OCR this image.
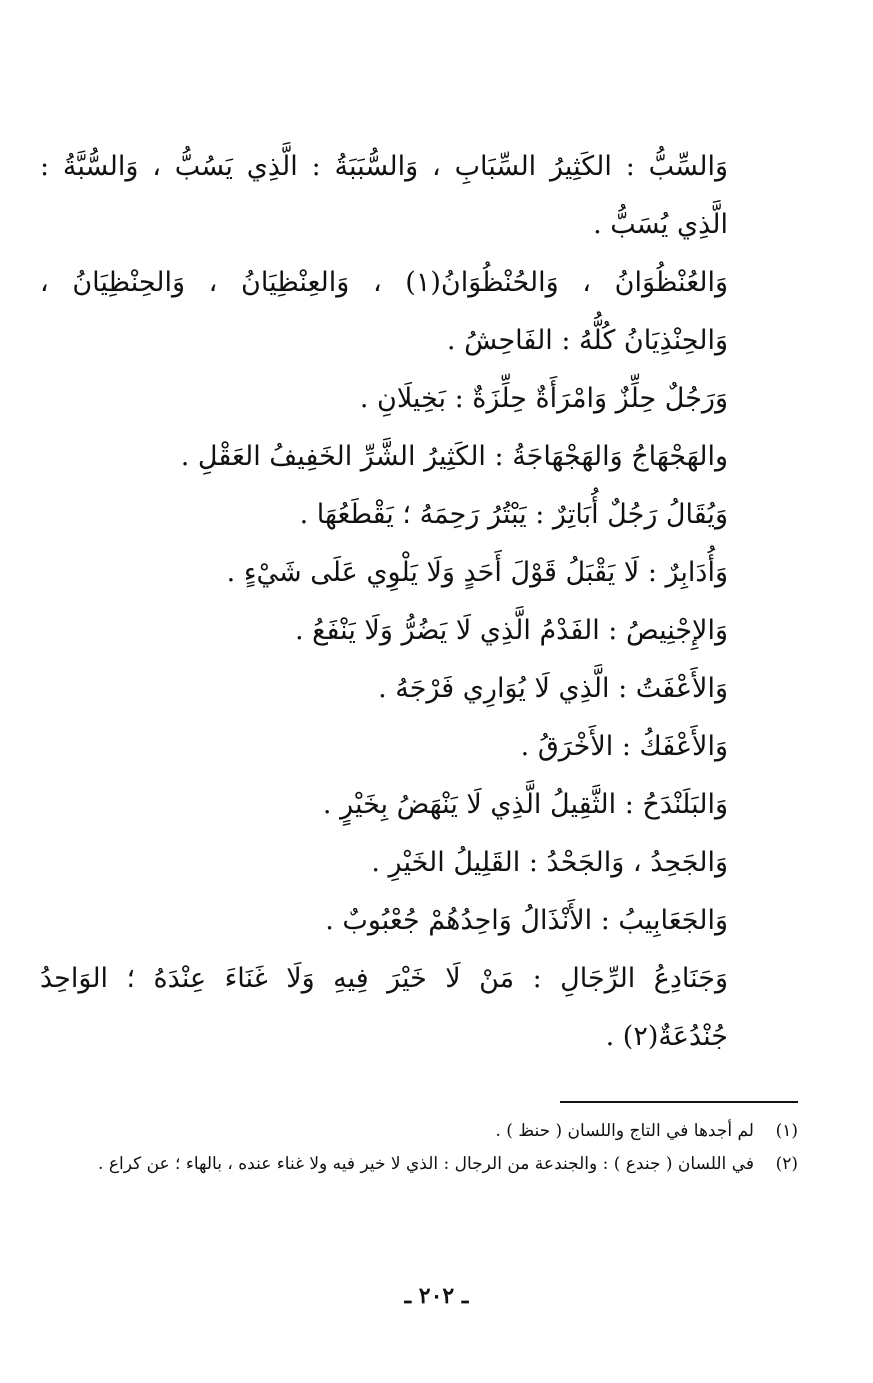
وَالسِّبُّ : الكَثِيرُ السِّبَابِ ، وَالسُّبَبَةُ : الَّذِي يَسُبُّ ، وَالسُّبَّةُ : الَّذِي يُسَبُّ .

وَالعُنْظُوَانُ ، وَالحُنْظُوَانُ(١) ، وَالعِنْظِيَانُ ، وَالحِنْظِيَانُ ، وَالحِنْذِيَانُ كُلُّهُ : الفَاحِشُ .

وَرَجُلٌ حِلِّزٌ وَامْرَأَةٌ حِلِّزَةٌ : بَخِيلَانِ .

والهَجْهَاجُ وَالهَجْهَاجَةُ : الكَثِيرُ الشَّرِّ الخَفِيفُ العَقْلِ .

وَيُقَالُ رَجُلٌ أُبَاتِرٌ : يَبْتُرُ رَحِمَهُ ؛ يَقْطَعُهَا .

وَأُدَابِرٌ : لَا يَقْبَلُ قَوْلَ أَحَدٍ وَلَا يَلْوِي عَلَى شَيْءٍ .

وَالإِجْنِيصُ : الفَدْمُ الَّذِي لَا يَضُرُّ وَلَا يَنْفَعُ .

وَالأَعْفَتُ : الَّذِي لَا يُوَارِي فَرْجَهُ .

وَالأَعْفَكُ : الأَخْرَقُ .

وَالبَلَنْدَحُ : الثَّقِيلُ الَّذِي لَا يَنْهَضُ بِخَيْرٍ .

وَالجَحِدُ ، وَالجَحْدُ : القَلِيلُ الخَيْرِ .

وَالجَعَابِيبُ : الأَنْذَالُ وَاحِدُهُمْ جُعْبُوبٌ .

وَجَنَادِعُ الرِّجَالِ : مَنْ لَا خَيْرَ فِيهِ وَلَا غَنَاءَ عِنْدَهُ ؛ الوَاحِدُ جُنْدُعَةٌ(٢) .

(١)
لم أجدها في التاج واللسان ( حنظ ) .
(٢)
في اللسان ( جندع ) : والجندعة من الرجال : الذي لا خير فيه ولا غناء عنده ، بالهاء ؛ عن كراع .
ـ ٢٠٢ ـ
